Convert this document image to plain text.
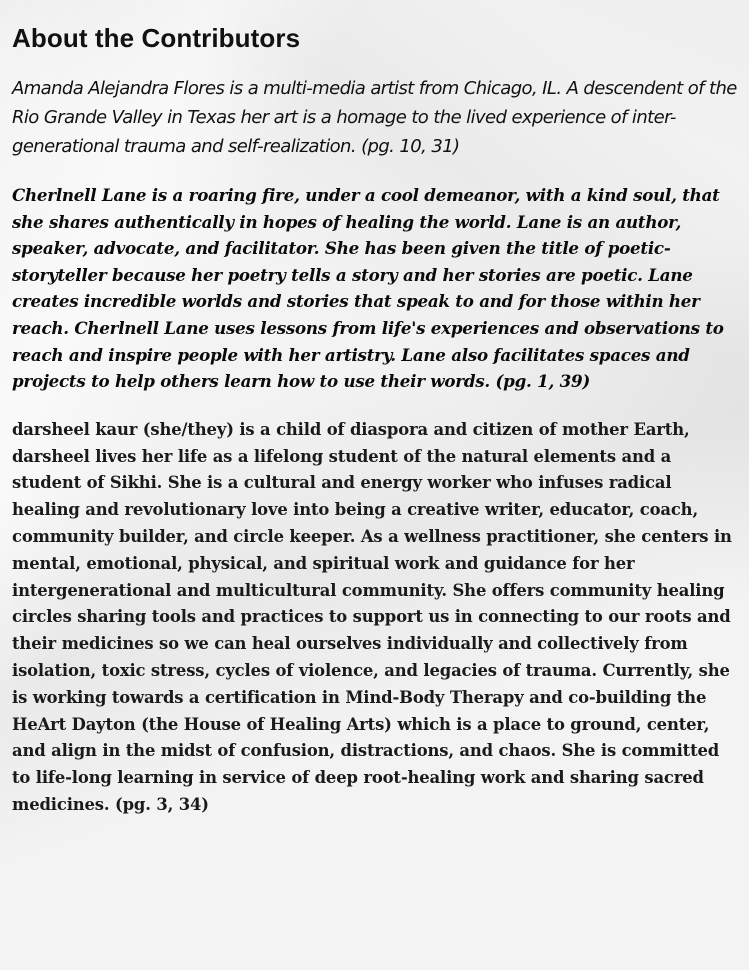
About the Contributors

Amanda Alejandra Flores is a multi-media artist from Chicago, IL. A descendent of the Rio Grande Valley in Texas her art is a homage to the lived experience of inter-generational trauma and self-realization. (pg. 10, 31)

Cherlnell Lane is a roaring fire, under a cool demeanor, with a kind soul, that she shares authentically in hopes of healing the world. Lane is an author, speaker, advocate, and facilitator. She has been given the title of poetic-storyteller because her poetry tells a story and her stories are poetic. Lane creates incredible worlds and stories that speak to and for those within her reach. Cherlnell Lane uses lessons from life's experiences and observations to reach and inspire people with her artistry. Lane also facilitates spaces and projects to help others learn how to use their words. (pg. 1, 39)

darsheel kaur (she/they) is a child of diaspora and citizen of mother Earth, darsheel lives her life as a lifelong student of the natural elements and a student of Sikhi. She is a cultural and energy worker who infuses radical healing and revolutionary love into being a creative writer, educator, coach, community builder, and circle keeper. As a wellness practitioner, she centers in mental, emotional, physical, and spiritual work and guidance for her intergenerational and multicultural community. She offers community healing circles sharing tools and practices to support us in connecting to our roots and their medicines so we can heal ourselves individually and collectively from isolation, toxic stress, cycles of violence, and legacies of trauma. Currently, she is working towards a certification in Mind-Body Therapy and co-building the HeArt Dayton (the House of Healing Arts) which is a place to ground, center, and align in the midst of confusion, distractions, and chaos. She is committed to life-long learning in service of deep root-healing work and sharing sacred medicines. (pg. 3, 34)
